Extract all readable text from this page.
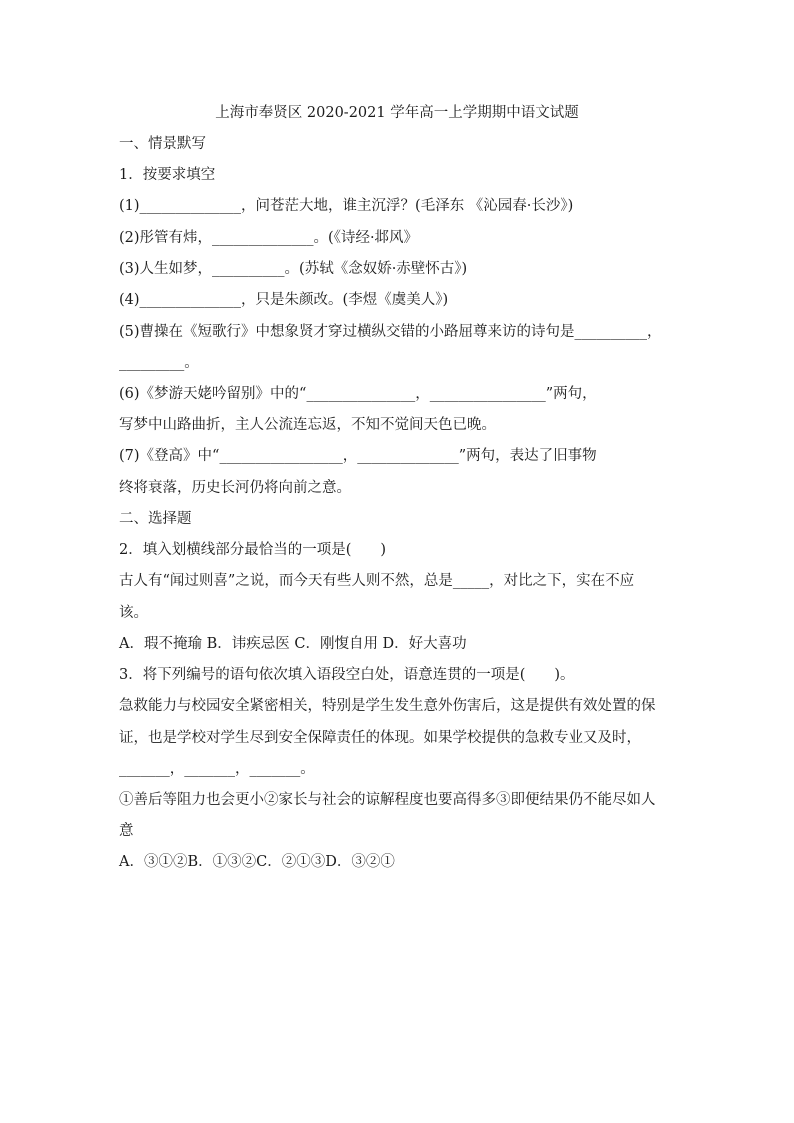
上海市奉贤区 2020-2021 学年高一上学期期中语文试题
一、情景默写
1．按要求填空
(1)______________，问苍茫大地，谁主沉浮？(毛泽东 《沁园春·长沙》)
(2)彤管有炜，______________。(《诗经·邶风》
(3)人生如梦，__________。(苏轼《念奴娇·赤壁怀古》)
(4)______________，只是朱颜改。(李煜《虞美人》)
(5)曹操在《短歌行》中想象贤才穿过横纵交错的小路屈尊来访的诗句是__________，
_________。
(6)《梦游天姥吟留别》中的“_______________，________________”两句，
写梦中山路曲折，主人公流连忘返，不知不觉间天色已晚。
(7)《登高》中“_________________，______________”两句，表达了旧事物
终将衰落，历史长河仍将向前之意。
二、选择题
2．填入划横线部分最恰当的一项是(　　)
古人有“闻过则喜”之说，而今天有些人则不然，总是_____，对比之下，实在不应
该。
A．瑕不掩瑜 B．讳疾忌医 C．刚愎自用 D．好大喜功
3．将下列编号的语句依次填入语段空白处，语意连贯的一项是(　　)。
急救能力与校园安全紧密相关，特别是学生发生意外伤害后，这是提供有效处置的保
证，也是学校对学生尽到安全保障责任的体现。如果学校提供的急救专业又及时，
_______，_______，_______。
①善后等阻力也会更小②家长与社会的谅解程度也要高得多③即便结果仍不能尽如人
意
A．③①②B．①③②C．②①③D．③②①
